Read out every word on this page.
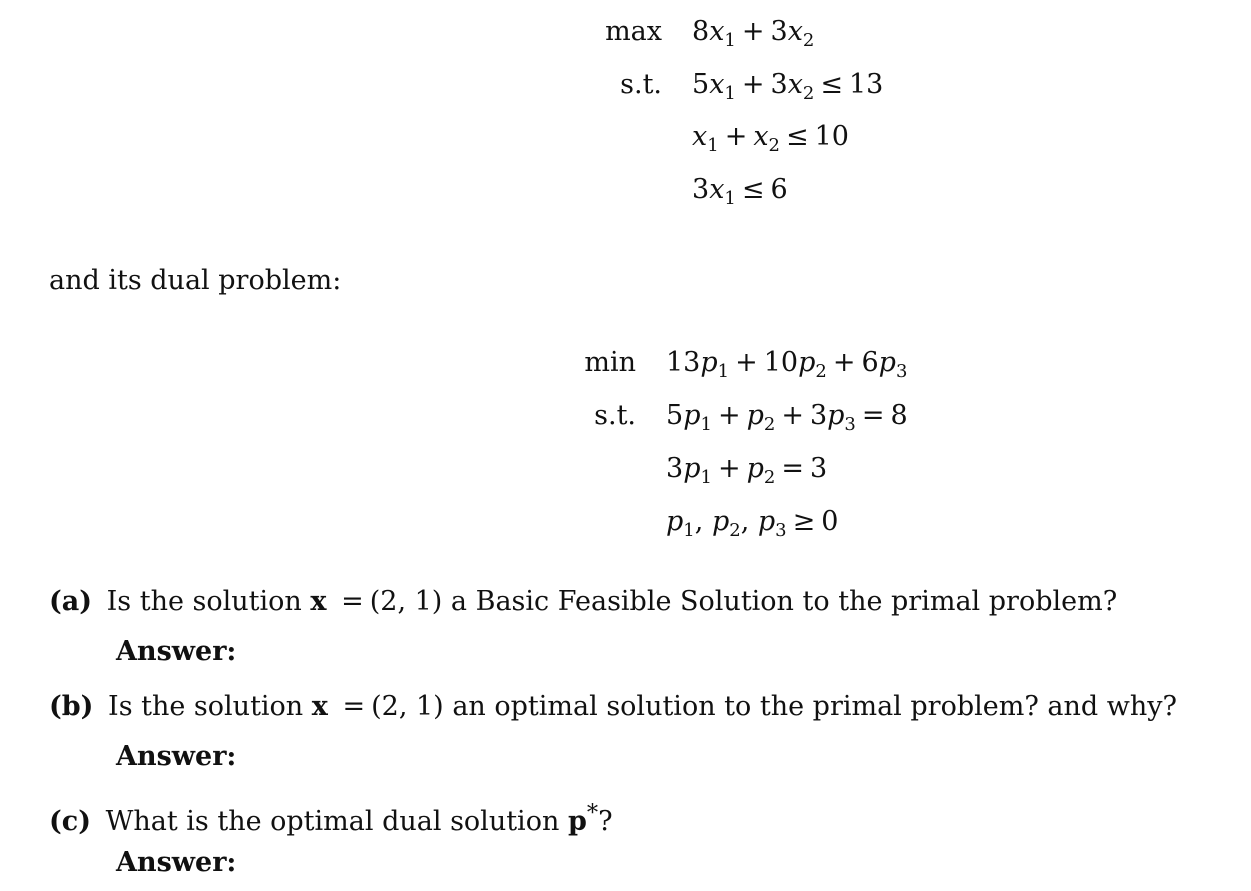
$\max 8x_1 + 3x_2$
s.t. $5x_1 + 3x_2 \le 13$
$x_1 + x_2 \le 10$
$3x_1 \le 6$
and its dual problem:
$\min 13p_1 + 10p_2 + 6p_3$
s.t. $5p_1 + p_2 + 3p_3 = 8$
$3p_1 + p_2 = 3$
$p_1$, $p_2$, $p_3 \ge 0$
(a) Is the solution x = (2, 1) a Basic Feasible Solution to the primal problem?
Answer:
(b) Is the solution x = (2, 1) an optimal solution to the primal problem? and why?
Answer:
(c) What is the optimal dual solution p*?
Answer:
